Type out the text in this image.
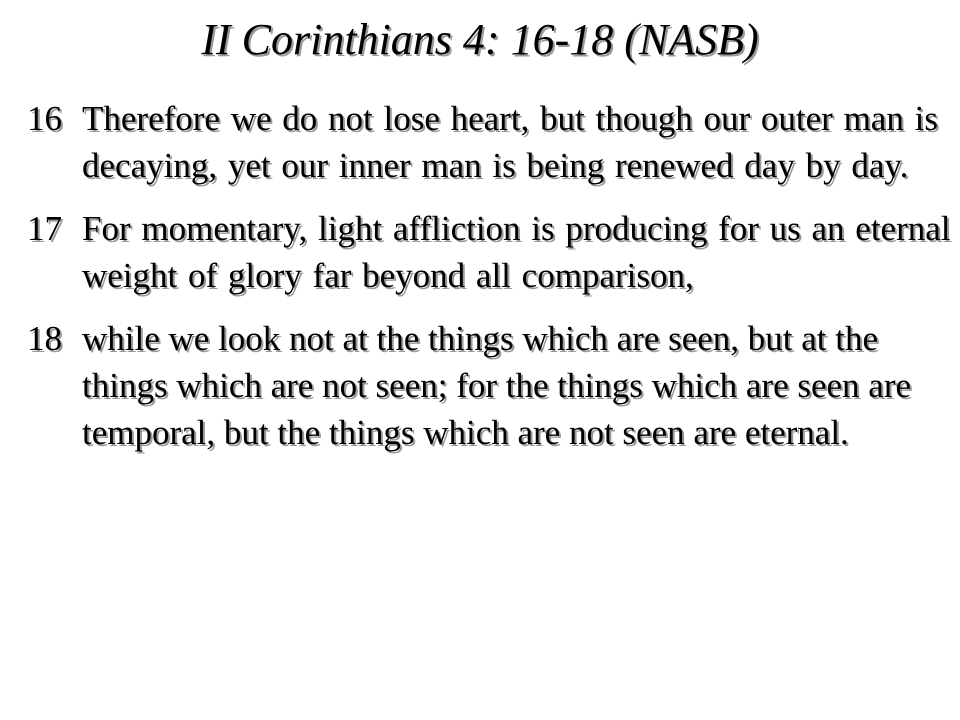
II Corinthians 4: 16-18 (NASB)
16 Therefore we do not lose heart, but though our outer man is decaying, yet our inner man is being renewed day by day.
17 For momentary, light affliction is producing for us an eternal weight of glory far beyond all comparison,
18 while we look not at the things which are seen, but at the things which are not seen; for the things which are seen are temporal, but the things which are not seen are eternal.
